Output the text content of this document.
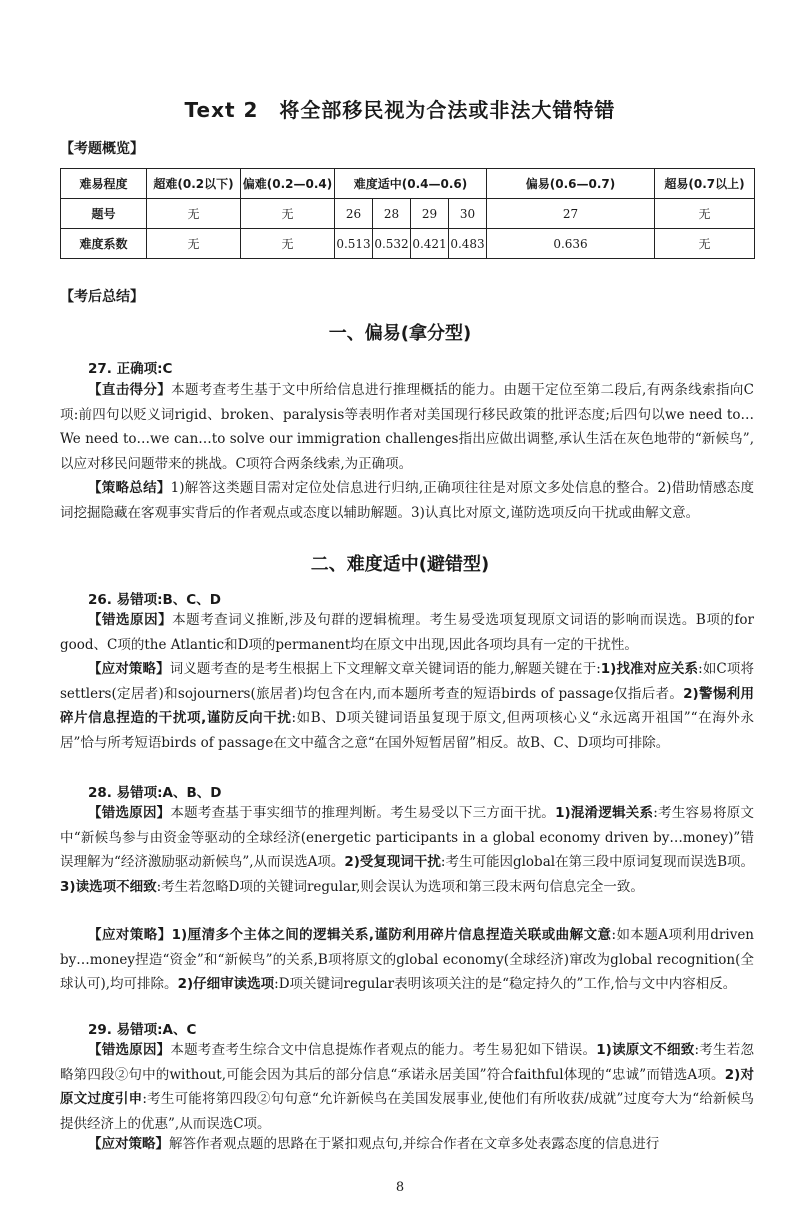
Text 2　将全部移民视为合法或非法大错特错
【考题概览】
难易程度	超难(0.2以下)	偏难(0.2—0.4)	难度适中(0.4—0.6)				偏易(0.6—0.7)	超易(0.7以上)
题号	无	无	26	28	29	30	27	无
难度系数	无	无	0.513	0.532	0.421	0.483	0.636	无
【考后总结】
一、偏易(拿分型)
27. 正确项:C

【直击得分】本题考查考生基于文中所给信息进行推理概括的能力。由题干定位至第二段后,有两条线索指向C项:前四句以贬义词rigid、broken、paralysis等表明作者对美国现行移民政策的批评态度;后四句以we need to…We need to…we can…to solve our immigration challenges指出应做出调整,承认生活在灰色地带的“新候鸟”,以应对移民问题带来的挑战。C项符合两条线索,为正确项。

【策略总结】1)解答这类题目需对定位处信息进行归纳,正确项往往是对原文多处信息的整合。2)借助情感态度词挖掘隐藏在客观事实背后的作者观点或态度以辅助解题。3)认真比对原文,谨防选项反向干扰或曲解文意。

二、难度适中(避错型)
26. 易错项:B、C、D

【错选原因】本题考查词义推断,涉及句群的逻辑梳理。考生易受选项复现原文词语的影响而误选。B项的for good、C项的the Atlantic和D项的permanent均在原文中出现,因此各项均具有一定的干扰性。

【应对策略】词义题考查的是考生根据上下文理解文章关键词语的能力,解题关键在于:1)找准对应关系:如C项将settlers(定居者)和sojourners(旅居者)均包含在内,而本题所考查的短语birds of passage仅指后者。2)警惕利用碎片信息捏造的干扰项,谨防反向干扰:如B、D项关键词语虽复现于原文,但两项核心义“永远离开祖国”“在海外永居”恰与所考短语birds of passage在文中蕴含之意“在国外短暂居留”相反。故B、C、D项均可排除。

28. 易错项:A、B、D

【错选原因】本题考查基于事实细节的推理判断。考生易受以下三方面干扰。1)混淆逻辑关系:考生容易将原文中“新候鸟参与由资金等驱动的全球经济(energetic participants in a global economy driven by…money)”错误理解为“经济激励驱动新候鸟”,从而误选A项。2)受复现词干扰:考生可能因global在第三段中原词复现而误选B项。3)读选项不细致:考生若忽略D项的关键词regular,则会误认为选项和第三段末两句信息完全一致。

【应对策略】1)厘清多个主体之间的逻辑关系,谨防利用碎片信息捏造关联或曲解文意:如本题A项利用driven by…money捏造“资金”和“新候鸟”的关系,B项将原文的global economy(全球经济)窜改为global recognition(全球认可),均可排除。2)仔细审读选项:D项关键词regular表明该项关注的是“稳定持久的”工作,恰与文中内容相反。

29. 易错项:A、C

【错选原因】本题考查考生综合文中信息提炼作者观点的能力。考生易犯如下错误。1)读原文不细致:考生若忽略第四段②句中的without,可能会因为其后的部分信息“承诺永居美国”符合faithful体现的“忠诚”而错选A项。2)对原文过度引申:考生可能将第四段②句句意“允许新候鸟在美国发展事业,使他们有所收获/成就”过度夸大为“给新候鸟提供经济上的优惠”,从而误选C项。

【应对策略】解答作者观点题的思路在于紧扣观点句,并综合作者在文章多处表露态度的信息进行

8
